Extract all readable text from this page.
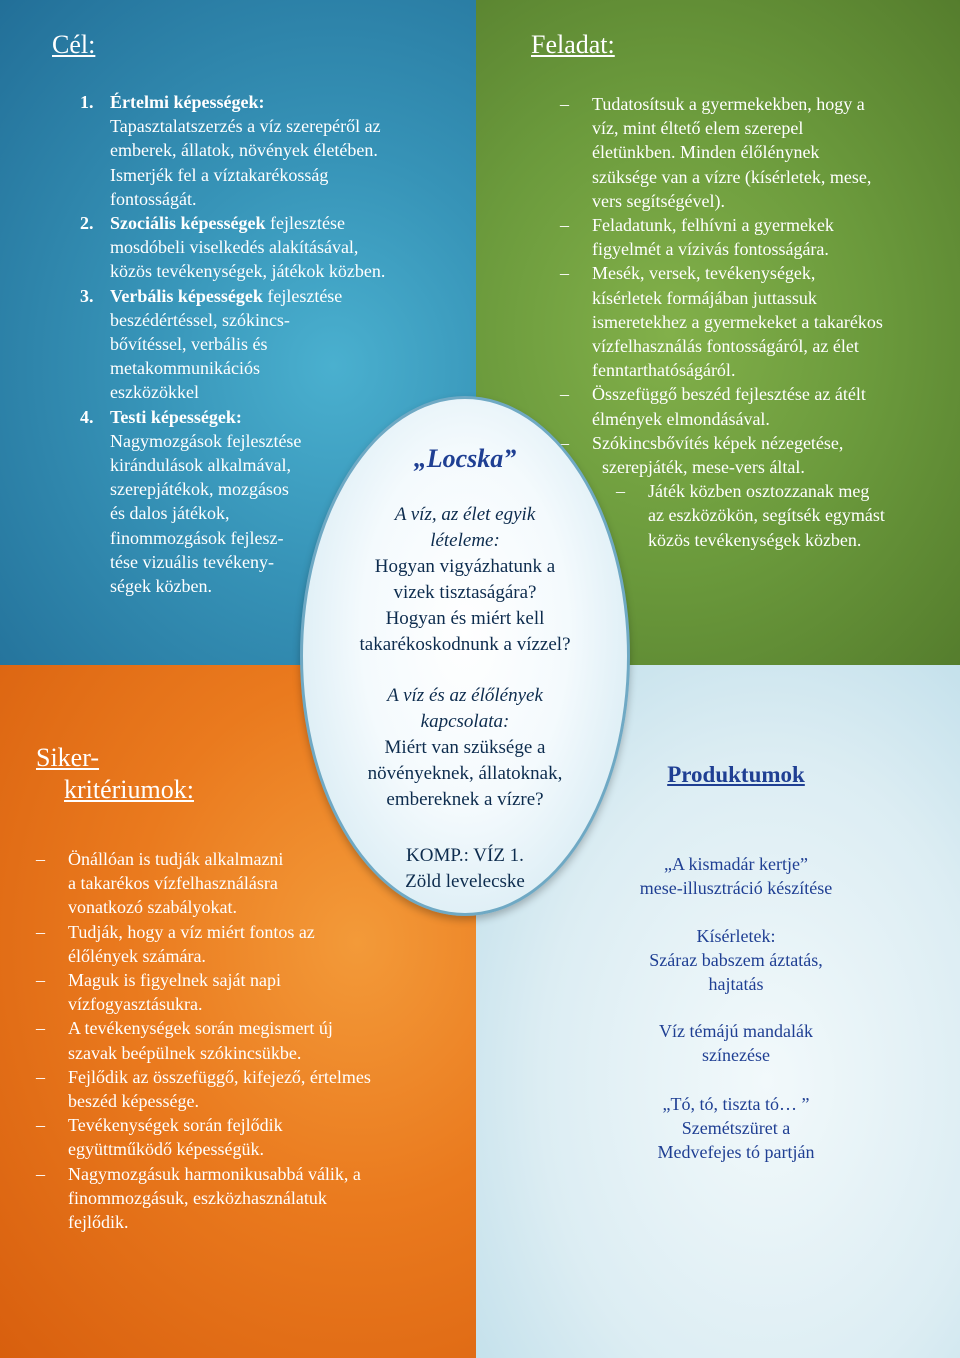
Cél:	Feladat:
Siker-
kritériumok:
Produktumok
1. Értelmi képességek:
Tapasztalatszerzés a víz szerepéről az
emberek, állatok, növények életében.
Ismerjék fel a víztakarékosság
fontosságát.
2. Szociális képességek fejlesztése
mosdóbeli viselkedés alakításával,
közös tevékenységek, játékok közben.
3. Verbális képességek fejlesztése
beszédértéssel, szókincs-
bővítéssel, verbális és
metakommunikációs
eszközökkel
4. Testi képességek:
Nagymozgások fejlesztése
kirándulások alkalmával,
szerepjátékok, mozgásos
és dalos játékok,
finommozgások fejlesz-
tése vizuális tevékeny-
ségek közben.
– Tudatosítsuk a gyermekekben, hogy a
víz, mint éltető elem szerepel
életünkben. Minden élőlénynek
szüksége van a vízre (kísérletek, mese,
vers segítségével).
– Feladatunk, felhívni a gyermekek
figyelmét a vízivás fontosságára.
– Mesék, versek, tevékenységek,
kísérletek formájában juttassuk
ismeretekhez a gyermekeket a takarékos
vízfelhasználás fontosságáról, az élet
fenntarthatóságáról.
– Összefüggő beszéd fejlesztése az átélt
élmények elmondásával.
– Szókincsbővítés képek nézegetése,
szerepjáték, mese-vers által.
– Játék közben osztozzanak meg
az eszközökön, segítsék egymást
közös tevékenységek közben.
– Önállóan is tudják alkalmazni
a takarékos vízfelhasználásra
vonatkozó szabályokat.
– Tudják, hogy a víz miért fontos az
élőlények számára.
– Maguk is figyelnek saját napi
vízfogyasztásukra.
– A tevékenységek során megismert új
szavak beépülnek szókincsükbe.
– Fejlődik az összefüggő, kifejező, értelmes
beszéd képessége.
– Tevékenységek során fejlődik
együttműködő képességük.
– Nagymozgásuk harmonikusabbá válik, a
finommozgásuk, eszközhasználatuk
fejlődik.
„Locska”
A víz, az élet egyik
lételeme:
Hogyan vigyázhatunk a
vizek tisztaságára?
Hogyan és miért kell
takarékoskodnunk a vízzel?
A víz és az élőlények
kapcsolata:
Miért van szüksége a
növényeknek, állatoknak,
embereknek a vízre?
KOMP.: VÍZ 1.
Zöld levelecske
„A kismadár kertje”
mese-illusztráció készítése
Kísérletek:
Száraz babszem áztatás,
hajtatás
Víz témájú mandalák
színezése
„Tó, tó, tiszta tó… ”
Szemétszüret a
Medvefejes tó partján
